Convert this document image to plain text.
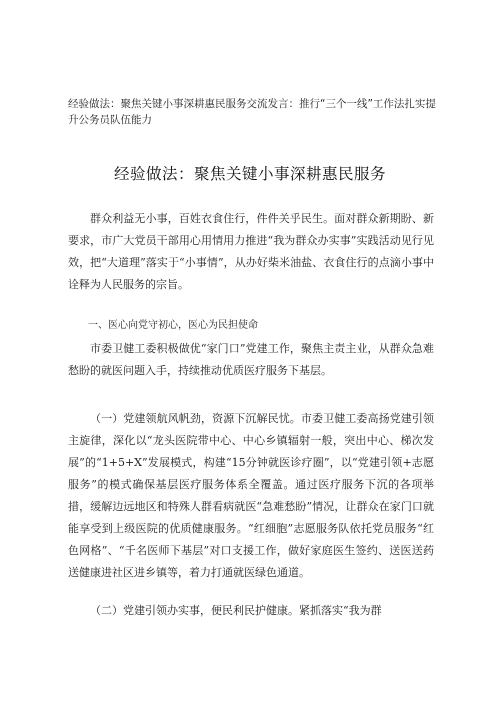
经验做法：聚焦关键小事深耕惠民服务交流发言：推行“三个一线”工作法扎实提升公务员队伍能力
经验做法：聚焦关键小事深耕惠民服务

群众利益无小事，百姓衣食住行，件件关乎民生。面对群众新期盼、新要求，市广大党员干部用心用情用力推进“我为群众办实事”实践活动见行见效，把“大道理”落实于“小事情”，从办好柴米油盐、衣食住行的点滴小事中诠释为人民服务的宗旨。

一、医心向党守初心，医心为民担使命

市委卫健工委积极做优“家门口”党建工作，聚焦主责主业，从群众急难愁盼的就医问题入手，持续推动优质医疗服务下基层。

（一）党建领航风帆劲，资源下沉解民忧。市委卫健工委高扬党建引领主旋律，深化以“龙头医院带中心、中心乡镇辐射一般，突出中心、梯次发展”的“1+5+X”发展模式，构建“15分钟就医诊疗圈”，以“党建引领+志愿服务”的模式确保基层医疗服务体系全覆盖。通过医疗服务下沉的各项举措，缓解边远地区和特殊人群看病就医“急难愁盼”情况，让群众在家门口就能享受到上级医院的优质健康服务。“红细胞”志愿服务队依托党员服务“红色网格”、“千名医师下基层”对口支援工作，做好家庭医生签约、送医送药送健康进社区进乡镇等，着力打通就医绿色通道。

（二）党建引领办实事，便民利民护健康。紧抓落实“我为群
